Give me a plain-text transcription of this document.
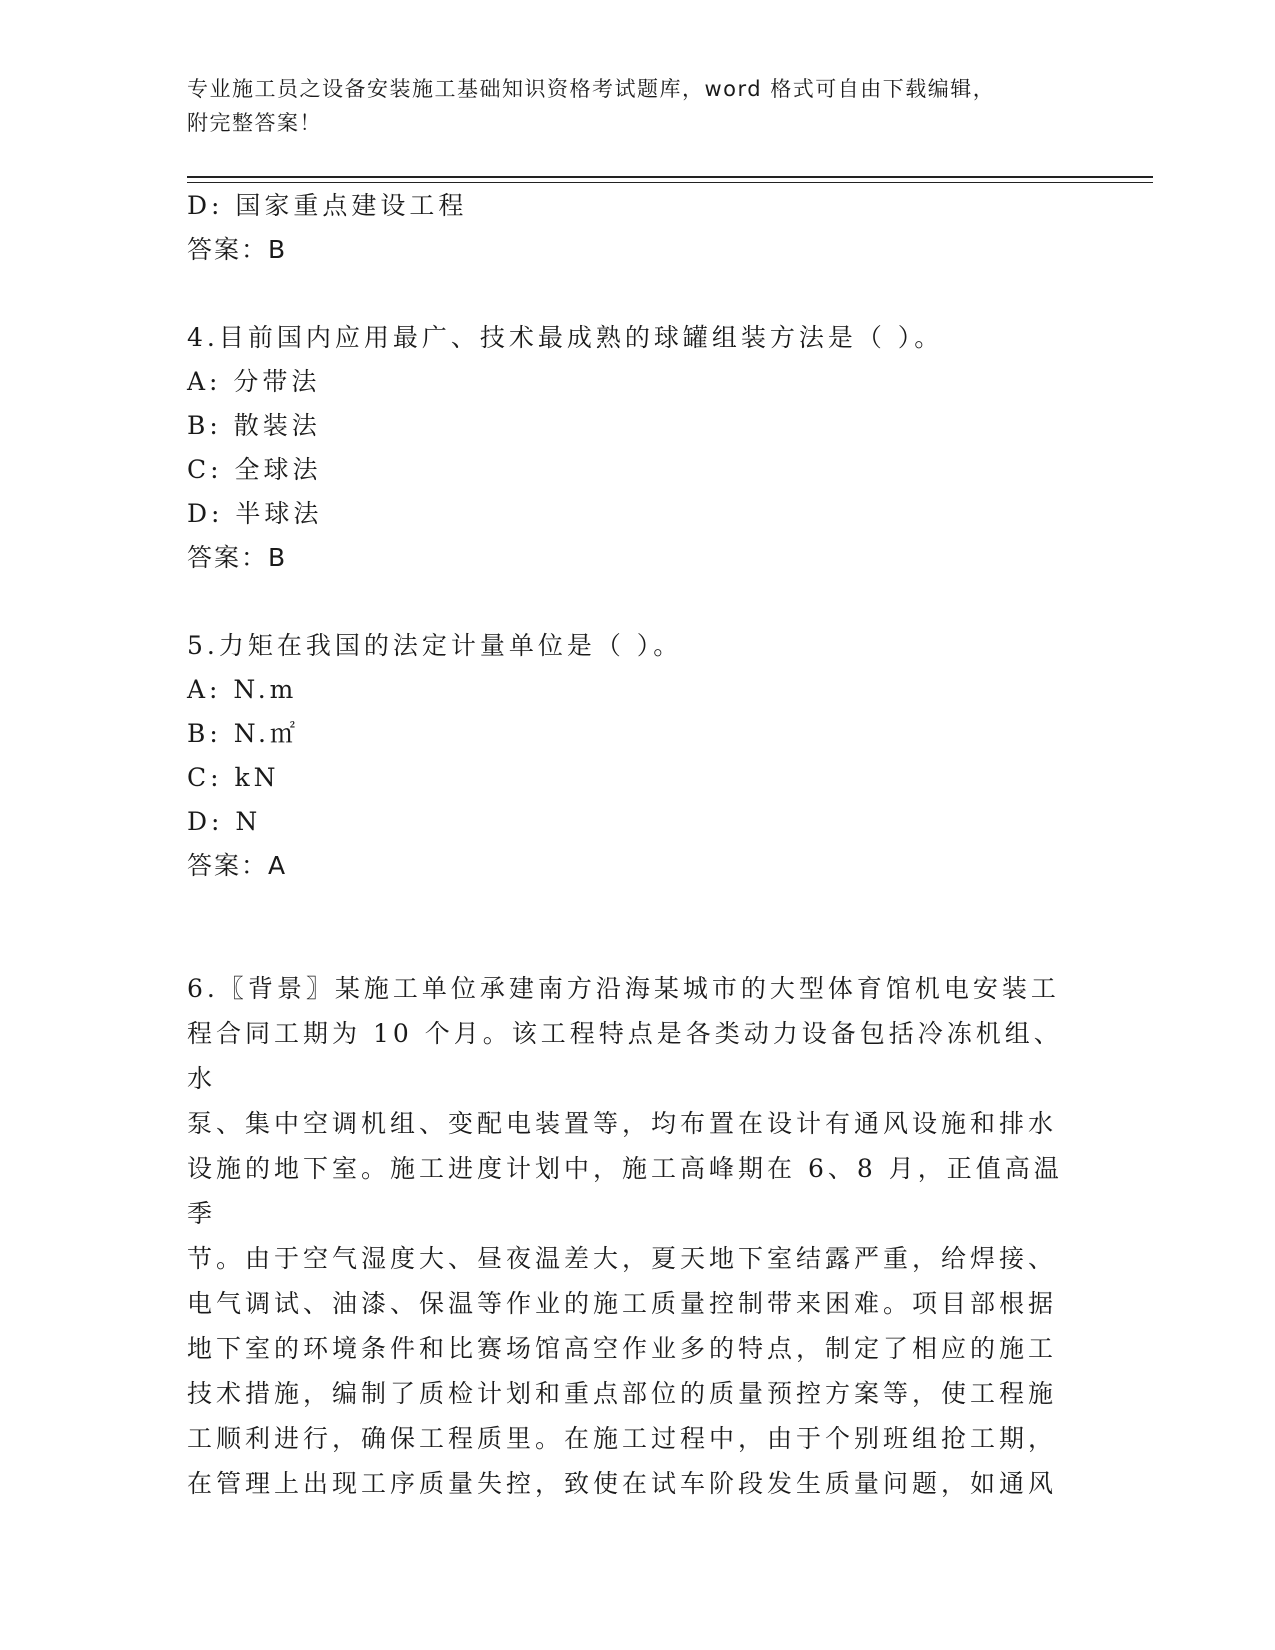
专业施工员之设备安装施工基础知识资格考试题库，word 格式可自由下载编辑，
附完整答案！
D: 国家重点建设工程
答案：B
4.目前国内应用最广、技术最成熟的球罐组装方法是（ ）。
A: 分带法
B: 散装法
C: 全球法
D: 半球法
答案：B
5.力矩在我国的法定计量单位是（ ）。
A: N.m
B: N.㎡
C: kN
D: N
答案：A
6.〖背景〗某施工单位承建南方沿海某城市的大型体育馆机电安装工
程合同工期为 10 个月。该工程特点是各类动力设备包括冷冻机组、水
泵、集中空调机组、变配电装置等，均布置在设计有通风设施和排水
设施的地下室。施工进度计划中，施工高峰期在 6、8 月，正值高温季
节。由于空气湿度大、昼夜温差大，夏天地下室结露严重，给焊接、
电气调试、油漆、保温等作业的施工质量控制带来困难。项目部根据
地下室的环境条件和比赛场馆高空作业多的特点，制定了相应的施工
技术措施，编制了质检计划和重点部位的质量预控方案等，使工程施
工顺利进行，确保工程质里。在施工过程中，由于个别班组抢工期，
在管理上出现工序质量失控，致使在试车阶段发生质量问题，如通风
